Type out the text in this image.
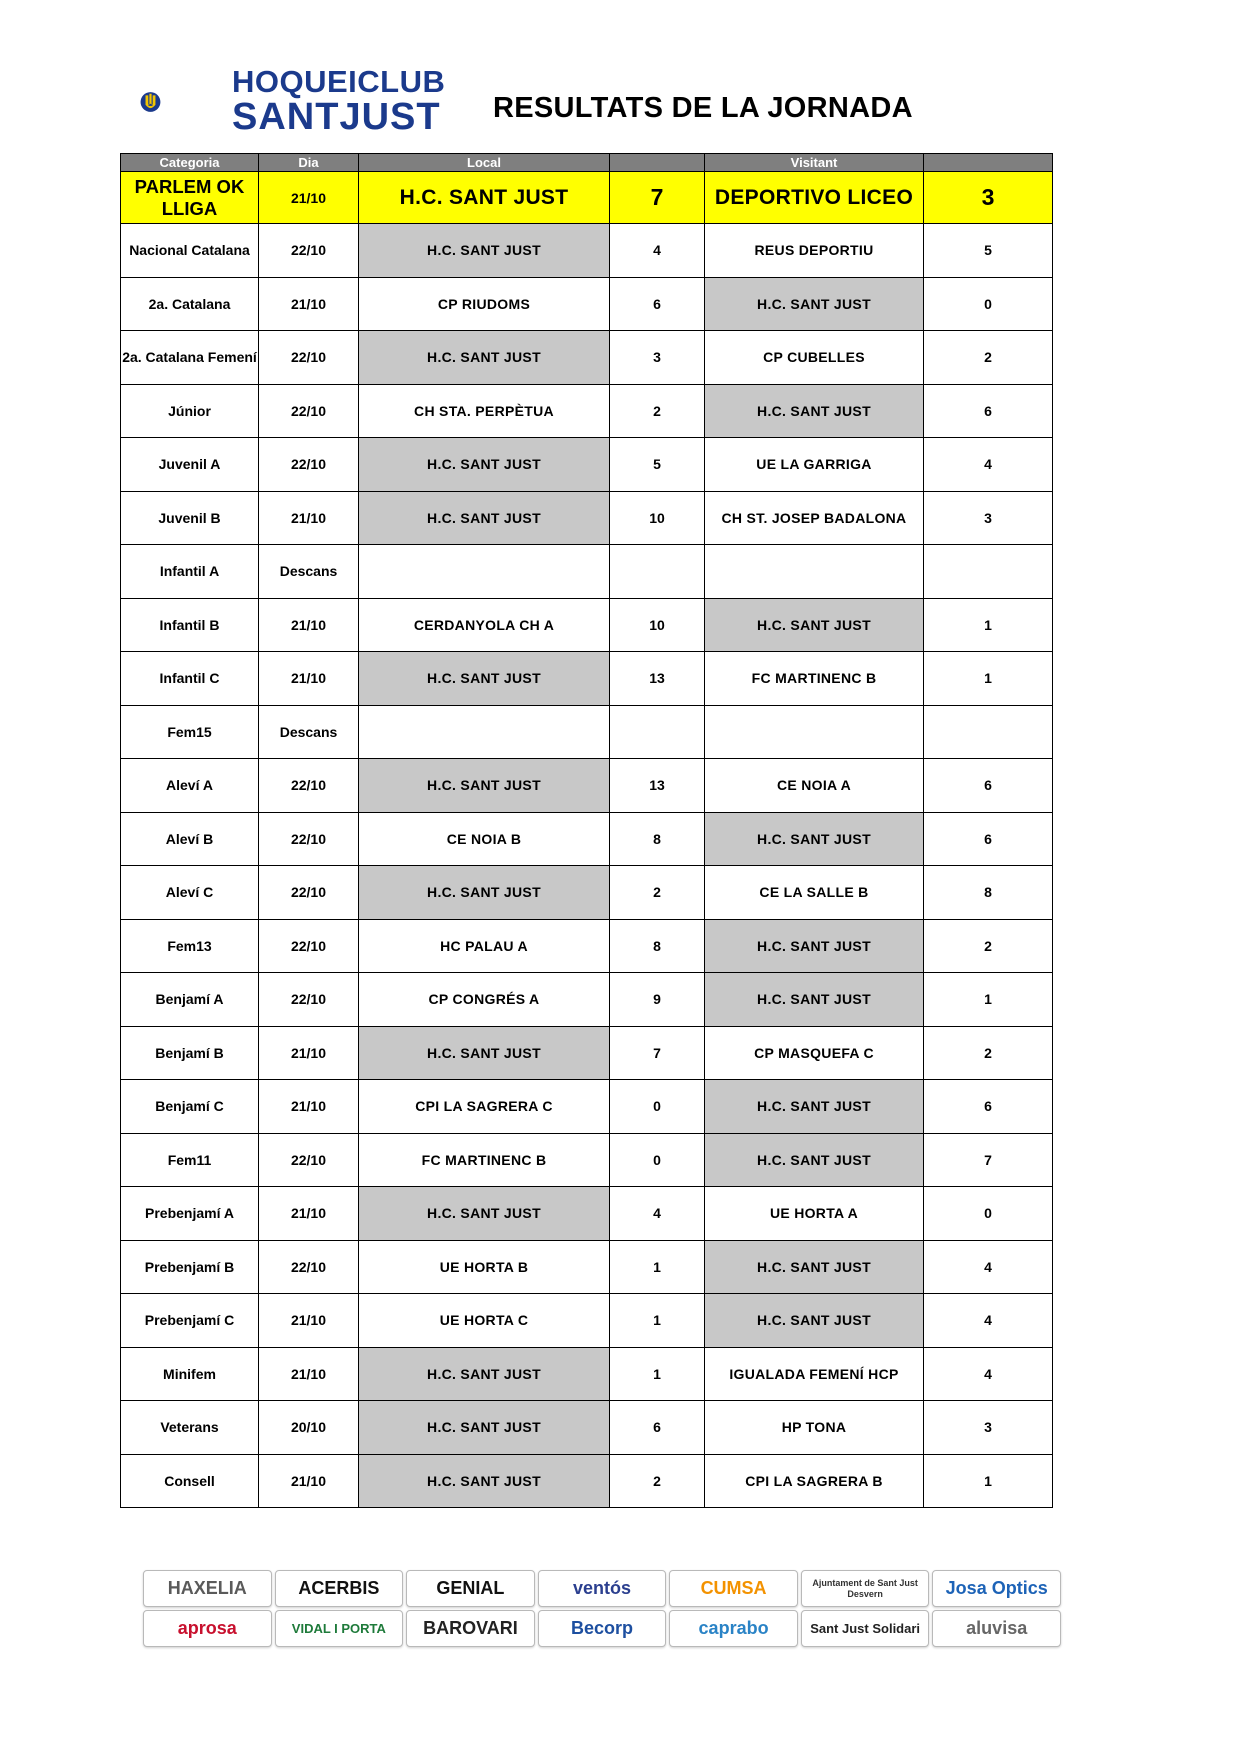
HOQUEICLUB
SANTJUST RESULTATS DE LA JORNADA
Categoria	Dia	Local		Visitant	
PARLEM OK LLIGA	21/10	H.C. SANT JUST	7	DEPORTIVO LICEO	3
Nacional Catalana	22/10	H.C. SANT JUST	4	REUS DEPORTIU	5
2a. Catalana	21/10	CP RIUDOMS	6	H.C. SANT JUST	0
2a. Catalana Femení	22/10	H.C. SANT JUST	3	CP CUBELLES	2
Júnior	22/10	CH STA. PERPÈTUA	2	H.C. SANT JUST	6
Juvenil A	22/10	H.C. SANT JUST	5	UE LA GARRIGA	4
Juvenil B	21/10	H.C. SANT JUST	10	CH ST. JOSEP BADALONA	3
Infantil A	Descans				
Infantil B	21/10	CERDANYOLA CH A	10	H.C. SANT JUST	1
Infantil C	21/10	H.C. SANT JUST	13	FC MARTINENC B	1
Fem15	Descans				
Aleví A	22/10	H.C. SANT JUST	13	CE NOIA A	6
Aleví B	22/10	CE NOIA B	8	H.C. SANT JUST	6
Aleví C	22/10	H.C. SANT JUST	2	CE LA SALLE B	8
Fem13	22/10	HC PALAU A	8	H.C. SANT JUST	2
Benjamí A	22/10	CP CONGRÉS A	9	H.C. SANT JUST	1
Benjamí B	21/10	H.C. SANT JUST	7	CP MASQUEFA C	2
Benjamí C	21/10	CPI LA SAGRERA C	0	H.C. SANT JUST	6
Fem11	22/10	FC MARTINENC B	0	H.C. SANT JUST	7
Prebenjamí A	21/10	H.C. SANT JUST	4	UE HORTA A	0
Prebenjamí B	22/10	UE HORTA B	1	H.C. SANT JUST	4
Prebenjamí C	21/10	UE HORTA C	1	H.C. SANT JUST	4
Minifem	21/10	H.C. SANT JUST	1	IGUALADA FEMENÍ HCP	4
Veterans	20/10	H.C. SANT JUST	6	HP TONA	3
Consell	21/10	H.C. SANT JUST	2	CPI LA SAGRERA B	1
HAXELIA	ACERBIS	GENIAL	ventós	CUMSA	Ajuntament de Sant Just Desvern	Josa Optics
aprosa	VIDAL I PORTA	BAROVARI	Becorp	caprabo	Sant Just Solidari	aluvisa
